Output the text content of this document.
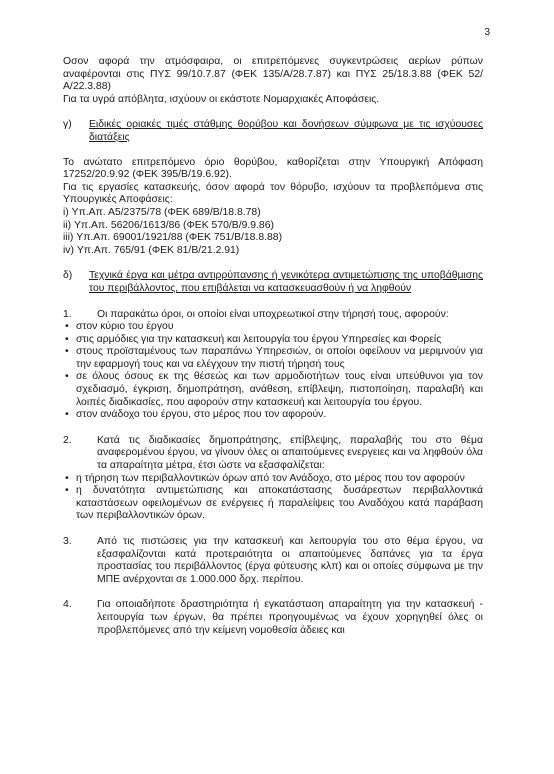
3

Οσον αφορά την ατμόσφαιρα, οι επιτρεπόμενες συγκεντρώσεις αερίων ρύπων αναφέρονται στις ΠΥΣ 99/10.7.87 (ΦΕΚ 135/Α/28.7.87) και ΠΥΣ 25/18.3.88 (ΦΕΚ 52/Α/22.3.88)

Για τα υγρά απόβλητα, ισχύουν οι εκάστοτε Νομαρχιακές Αποφάσεις.

γ)	Ειδικές οριακές τιμές στάθμης θορύβου και δονήσεων σύμφωνα με τις ισχύουσες διατάξεις

Το ανώτατο επιτρεπόμενο όριο θορύβου, καθορίζεται στην Υπουργική Απόφαση 17252/20.9.92 (ΦΕΚ 395/Β/19.6.92).

Για τις εργασίες κατασκευής, όσον αφορά τον θόρυβο, ισχύουν τα προβλεπόμενα στις Υπουργικές Αποφάσεις:

i) Υπ.Απ. Α5/2375/78 (ΦΕΚ 689/Β/18.8.78)

ii) Υπ.Απ. 56206/1613/86 (ΦΕΚ 570/Β/9.9.86)

iii) Υπ.Απ. 69001/1921/88 (ΦΕΚ 751/Β/18.8.88)

iv) Υπ.Απ. 765/91 (ΦΕΚ 81/Β/21.2.91)

δ)	Τεχνικά έργα και μέτρα αντιρρύπανσης ή γενικότερα αντιμετώπισης της υποβάθμισης του περιβάλλοντος, που επιβάλεται να κατασκευασθούν ή να ληφθούν
1.	Οι παρακάτω όροι, οι οποίοι είναι υποχρεωτικοί στην τήρησή τους, αφορούν:
• στον κύριο του έργου
• στις αρμόδιες για την κατασκευή και λειτουργία του έργου Υπηρεσίες και Φορείς
• στους προϊσταμένους των παραπάνω Υπηρεσιών, οι οποίοι οφείλουν να μεριμνούν για την εφαρμογή τους και να ελέγχουν την πιστή τήρησή τους
• σε όλους όσους εκ της θέσεώς και των αρμοδιοτήτων τους είναι υπεύθυνοι για τον σχεδιασμό, έγκριση, δημοπράτηση, ανάθεση, επίβλεψη, πιστοποίηση, παραλαβή και λοιπές διαδικασίες, που αφορούν στην κατασκευή και λειτουργία του έργου.
• στον ανάδοχο του έργου, στο μέρος που τον αφορούν.
2.	Κατά τις διαδικασίες δημοπράτησης, επίβλεψης, παραλαβής του στο θέμα αναφερομένου έργου, να γίνουν όλες οι απαιτούμενες ενεργειες και να ληφθούν όλα τα απαραίτητα μέτρα, έτσι ώστε να εξασφαλίζεται:
• η τήρηση των περιβαλλοντικών όρων από τον Ανάδοχο, στο μέρος που τον αφορούν
• η δυνατότητα αντιμετώπισης και αποκατάστασης δυσάρεστων περιβαλλοντικά καταστάσεων οφειλομένων σε ενέργειες ή παραλείψεις του Αναδόχου κατά παράβαση των περιβαλλοντικών όρων.
3.	Από τις πιστώσεις για την κατασκευή και λειτουργία του στο θέμα έργου, να εξασφαλίζονται κατά προτεραιότητα οι απαιτούμενες δαπάνες για τα έργα προστασίας του περιβάλλοντος (έργα φύτευσης κλπ) και οι οποίες σύμφωνα με την ΜΠΕ ανέρχονται σε 1.000.000 δρχ. περίπου.
4.	Για οποιαδήποτε δραστηριότητα ή εγκατάσταση απαραίτητη για την κατασκευή - λειτουργία των έργων, θα πρέπει προηγουμένως να έχουν χορηγηθεί όλες οι προβλεπόμενες από την κείμενη νομοθεσία άδειες και
